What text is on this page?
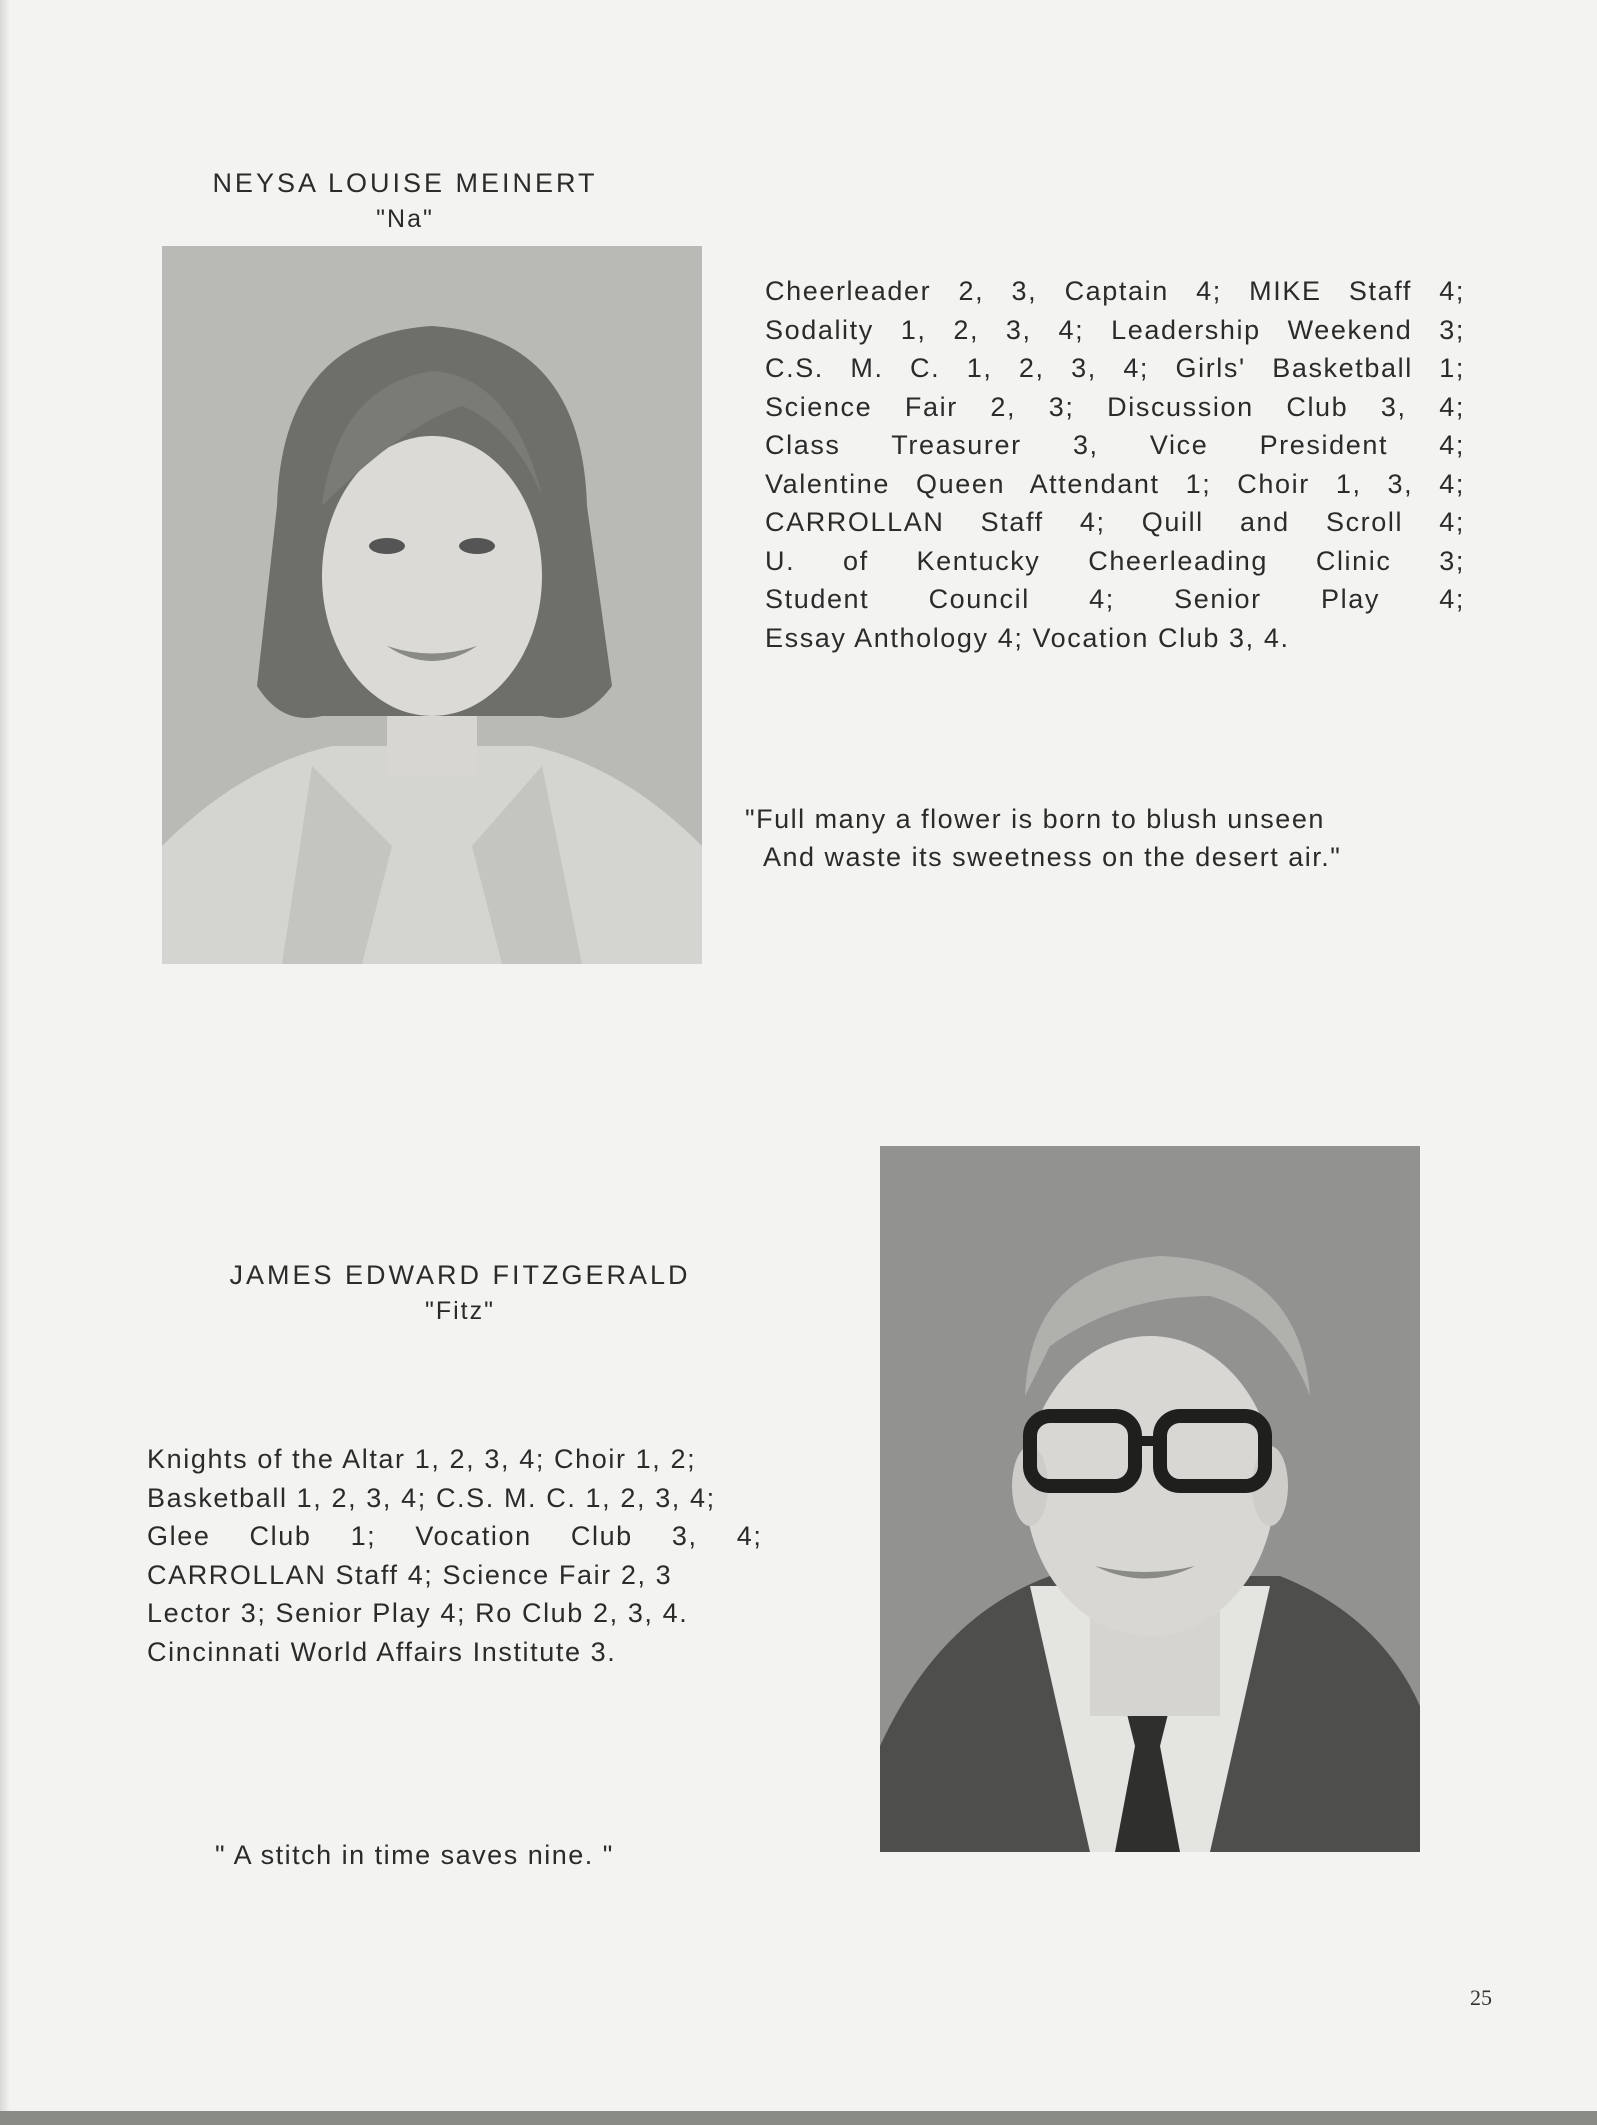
NEYSA LOUISE MEINERT
"Na"
Cheerleader 2, 3, Captain 4; MIKE Staff 4;
Sodality 1, 2, 3, 4; Leadership Weekend 3;
C.S. M. C. 1, 2, 3, 4; Girls' Basketball 1;
Science Fair 2, 3; Discussion Club 3, 4;
Class Treasurer 3, Vice President 4;
Valentine Queen Attendant 1; Choir 1, 3, 4;
CARROLLAN Staff 4; Quill and Scroll 4;
U. of Kentucky Cheerleading Clinic 3;
Student Council 4; Senior Play 4;
Essay Anthology 4; Vocation Club 3, 4.
"Full many a flower is born to blush unseen
And waste its sweetness on the desert air."
JAMES EDWARD FITZGERALD
"Fitz"
Knights of the Altar 1, 2, 3, 4; Choir 1, 2;
Basketball 1, 2, 3, 4; C.S. M. C. 1, 2, 3, 4;
Glee Club 1; Vocation Club 3, 4;
CARROLLAN Staff 4; Science Fair 2, 3
Lector 3; Senior Play 4; Ro Club 2, 3, 4.
Cincinnati World Affairs Institute 3.
" A stitch in time saves nine. "
25
